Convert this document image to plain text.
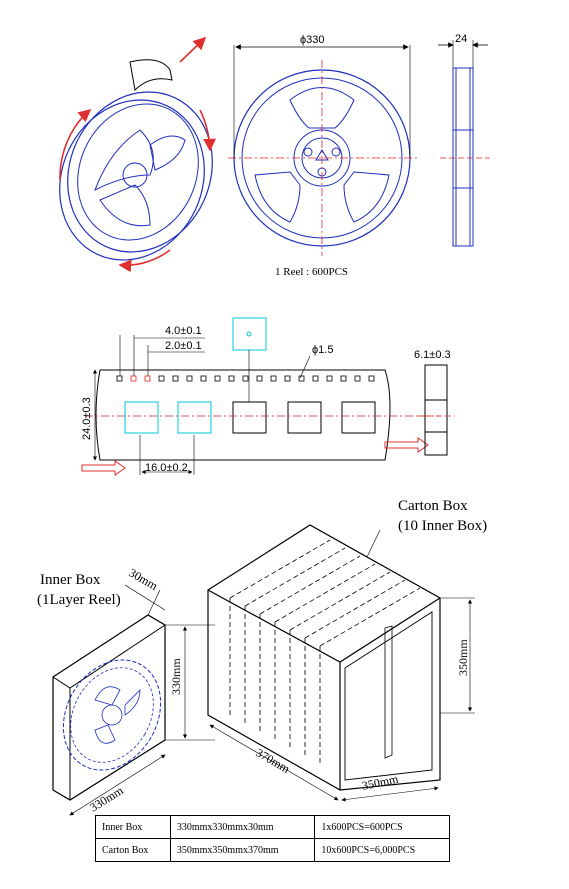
ϕ330	24
1 Reel : 600PCS
4.0±0.1
2.0±0.1	ϕ1.5	6.1±0.3
24.0±0.3
16.0±0.2
Carton Box
(10 Inner Box)
Inner Box
(1Layer Reel)
30mm
330mm
330mm
350mm
370mm
350mm
Inner Box	330mmx330mmx30mm	1x600PCS=600PCS
Carton Box	350mmx350mmx370mm	10x600PCS=6,000PCS
